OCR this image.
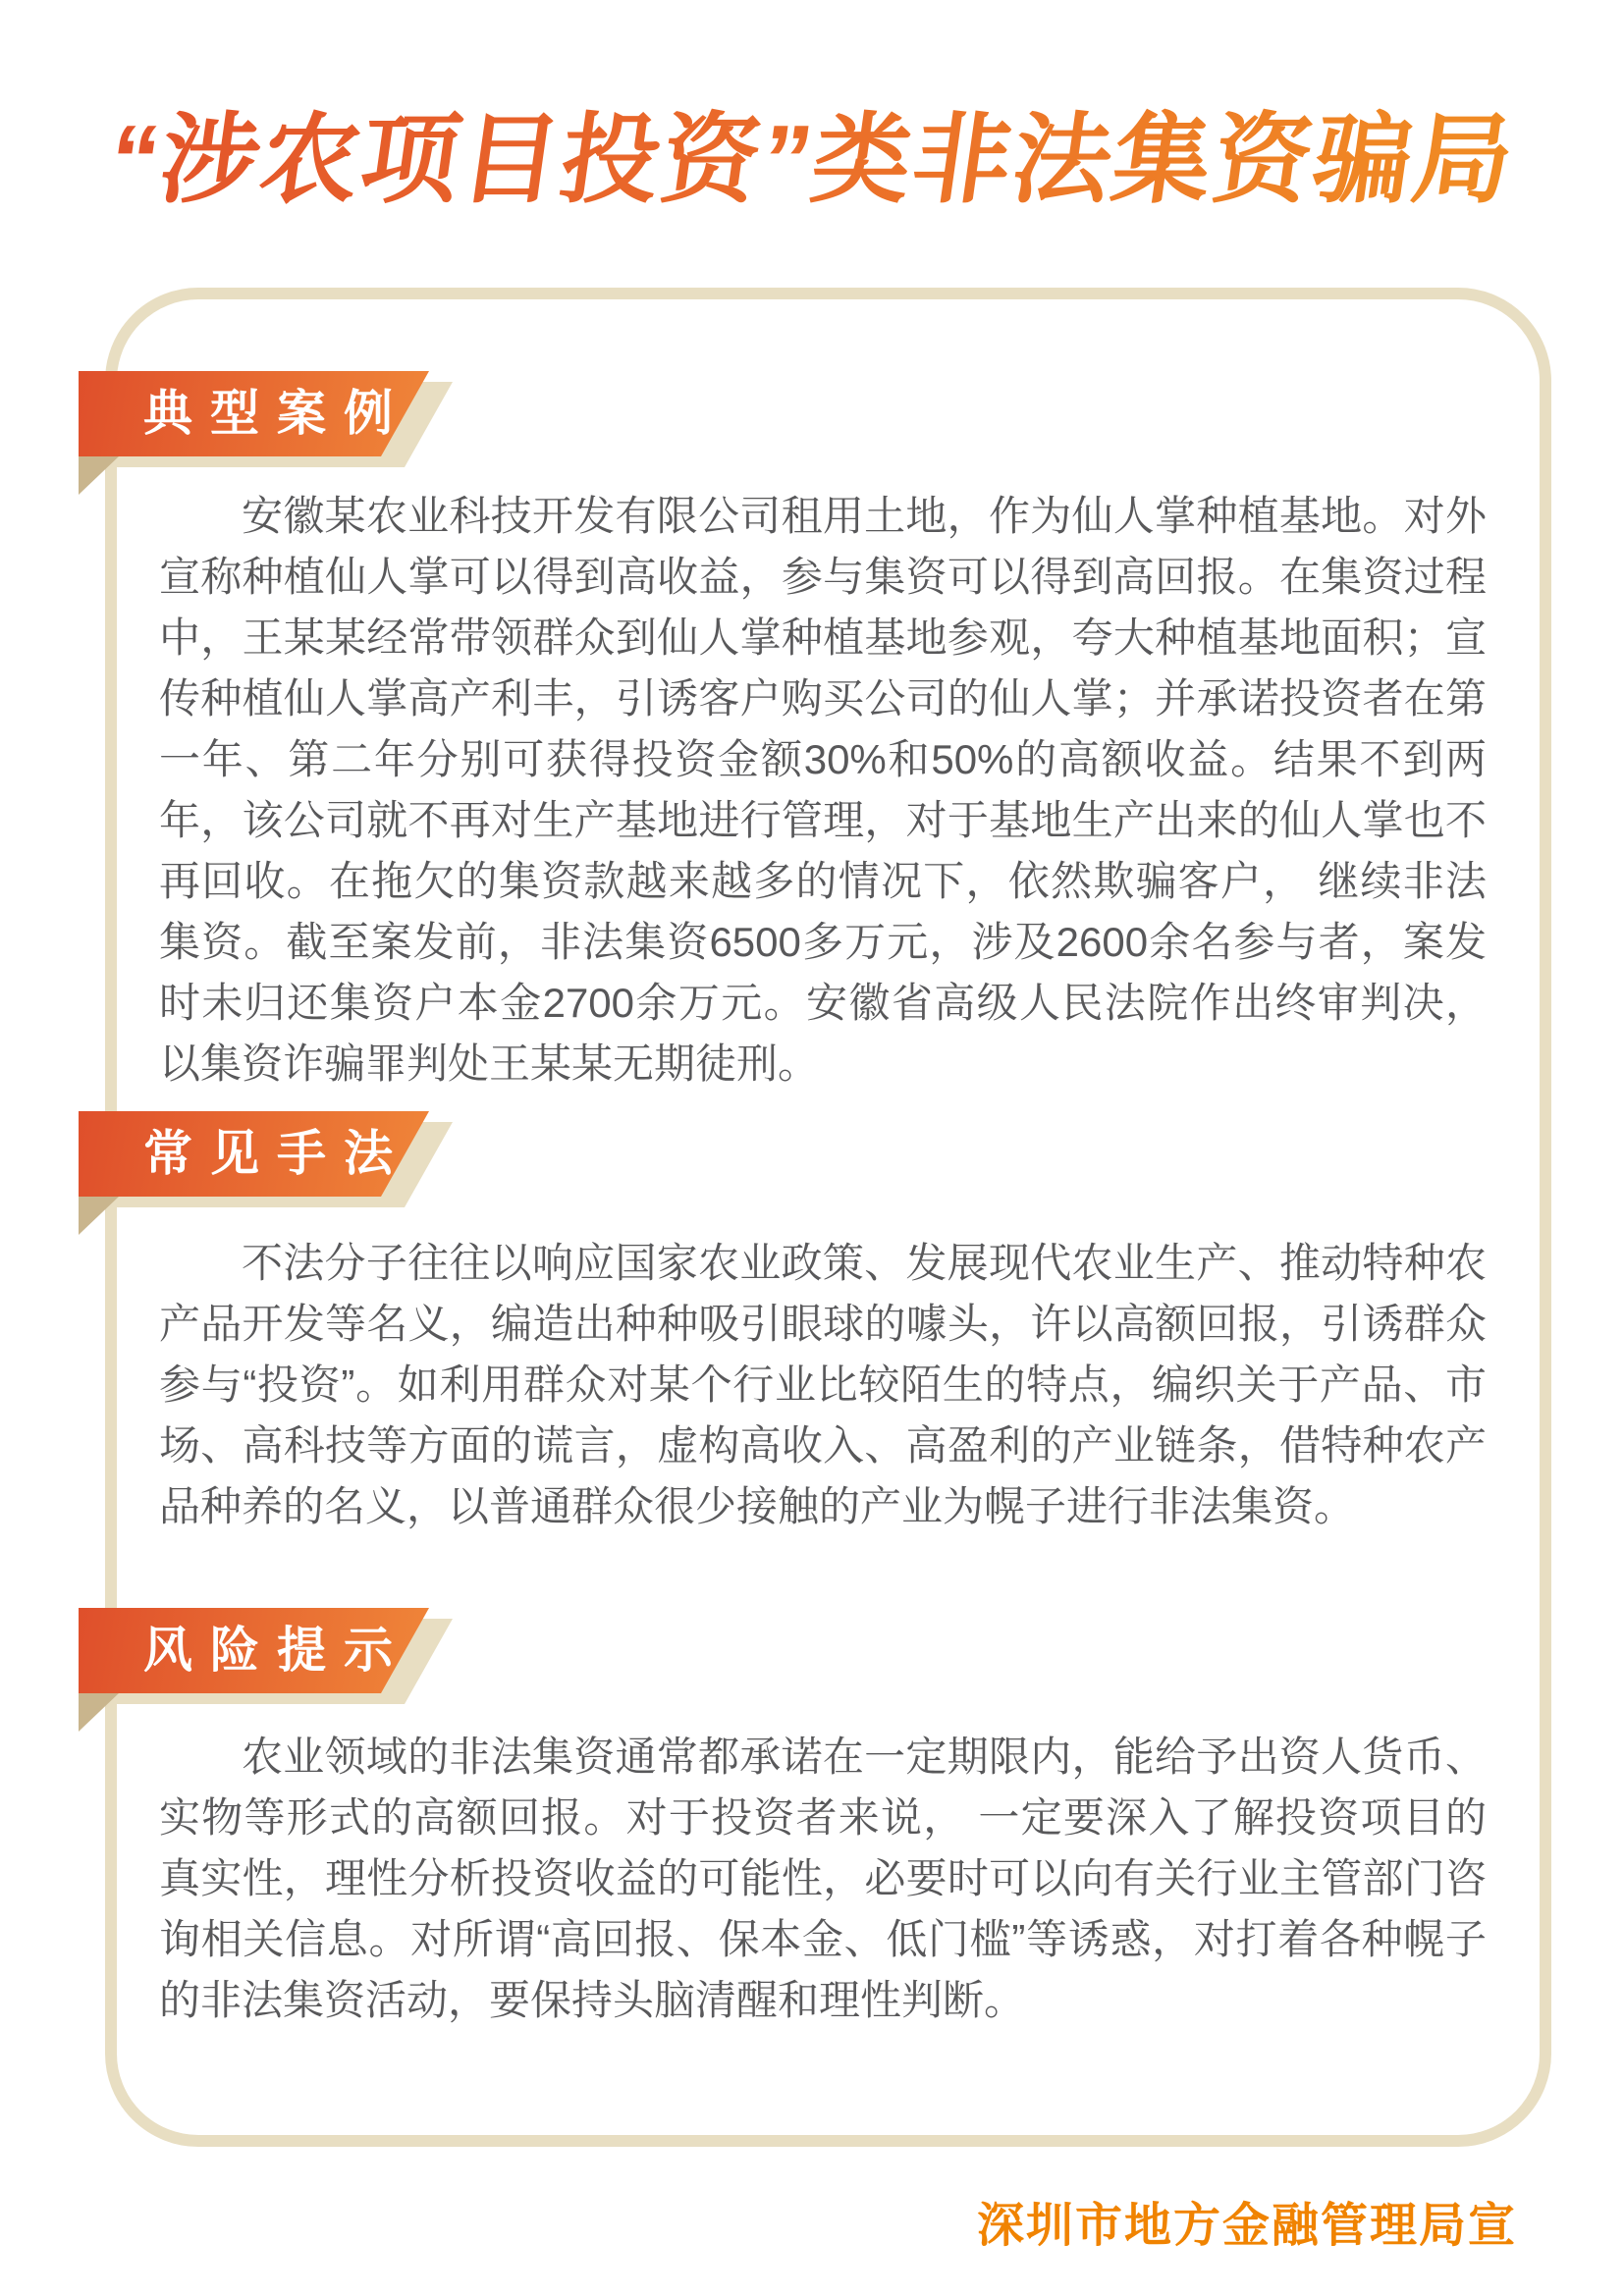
“涉农项目投资”类非法集资骗局
典型案例
安徽某农业科技开发有限公司租用土地，作为仙人掌种植基地。对外宣称种植仙人掌可以得到高收益，参与集资可以得到高回报。在集资过程中，王某某经常带领群众到仙人掌种植基地参观，夸大种植基地面积；宣传种植仙人掌高产利丰，引诱客户购买公司的仙人掌；并承诺投资者在第一年、第二年分别可获得投资金额30%和50%的高额收益。结果不到两年，该公司就不再对生产基地进行管理，对于基地生产出来的仙人掌也不再回收。在拖欠的集资款越来越多的情况下，依然欺骗客户， 继续非法集资。截至案发前，非法集资6500多万元，涉及2600余名参与者，案发时未归还集资户本金2700余万元。安徽省高级人民法院作出终审判决，以集资诈骗罪判处王某某无期徒刑。
常见手法
不法分子往往以响应国家农业政策、发展现代农业生产、推动特种农产品开发等名义，编造出种种吸引眼球的噱头，许以高额回报，引诱群众参与“投资”。如利用群众对某个行业比较陌生的特点，编织关于产品、市场、高科技等方面的谎言，虚构高收入、高盈利的产业链条，借特种农产品种养的名义，以普通群众很少接触的产业为幌子进行非法集资。
风险提示
农业领域的非法集资通常都承诺在一定期限内，能给予出资人货币、实物等形式的高额回报。对于投资者来说， 一定要深入了解投资项目的真实性，理性分析投资收益的可能性，必要时可以向有关行业主管部门咨询相关信息。对所谓“高回报、保本金、低门槛”等诱惑，对打着各种幌子的非法集资活动，要保持头脑清醒和理性判断。
深圳市地方金融管理局宣
